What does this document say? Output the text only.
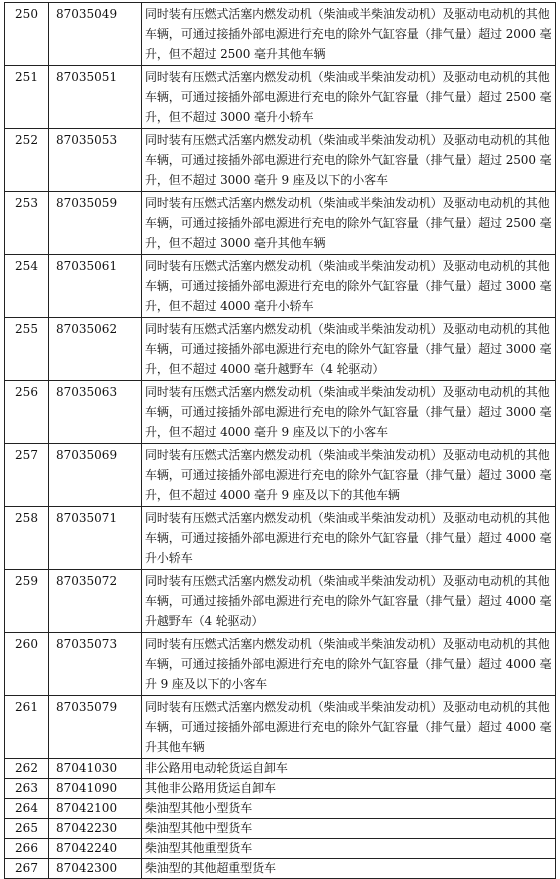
250	87035049	同时装有压燃式活塞内燃发动机（柴油或半柴油发动机）及驱动电动机的其他车辆，可通过接插外部电源进行充电的除外气缸容量（排气量）超过 2000 毫升，但不超过 2500 毫升其他车辆
251	87035051	同时装有压燃式活塞内燃发动机（柴油或半柴油发动机）及驱动电动机的其他车辆，可通过接插外部电源进行充电的除外气缸容量（排气量）超过 2500 毫升，但不超过 3000 毫升小轿车
252	87035053	同时装有压燃式活塞内燃发动机（柴油或半柴油发动机）及驱动电动机的其他车辆，可通过接插外部电源进行充电的除外气缸容量（排气量）超过 2500 毫升，但不超过 3000 毫升 9 座及以下的小客车
253	87035059	同时装有压燃式活塞内燃发动机（柴油或半柴油发动机）及驱动电动机的其他车辆，可通过接插外部电源进行充电的除外气缸容量（排气量）超过 2500 毫升，但不超过 3000 毫升其他车辆
254	87035061	同时装有压燃式活塞内燃发动机（柴油或半柴油发动机）及驱动电动机的其他车辆，可通过接插外部电源进行充电的除外气缸容量（排气量）超过 3000 毫升，但不超过 4000 毫升小轿车
255	87035062	同时装有压燃式活塞内燃发动机（柴油或半柴油发动机）及驱动电动机的其他车辆，可通过接插外部电源进行充电的除外气缸容量（排气量）超过 3000 毫升，但不超过 4000 毫升越野车（4 轮驱动）
256	87035063	同时装有压燃式活塞内燃发动机（柴油或半柴油发动机）及驱动电动机的其他车辆，可通过接插外部电源进行充电的除外气缸容量（排气量）超过 3000 毫升，但不超过 4000 毫升 9 座及以下的小客车
257	87035069	同时装有压燃式活塞内燃发动机（柴油或半柴油发动机）及驱动电动机的其他车辆，可通过接插外部电源进行充电的除外气缸容量（排气量）超过 3000 毫升，但不超过 4000 毫升 9 座及以下的其他车辆
258	87035071	同时装有压燃式活塞内燃发动机（柴油或半柴油发动机）及驱动电动机的其他车辆，可通过接插外部电源进行充电的除外气缸容量（排气量）超过 4000 毫升小轿车
259	87035072	同时装有压燃式活塞内燃发动机（柴油或半柴油发动机）及驱动电动机的其他车辆，可通过接插外部电源进行充电的除外气缸容量（排气量）超过 4000 毫升越野车（4 轮驱动）
260	87035073	同时装有压燃式活塞内燃发动机（柴油或半柴油发动机）及驱动电动机的其他车辆，可通过接插外部电源进行充电的除外气缸容量（排气量）超过 4000 毫升 9 座及以下的小客车
261	87035079	同时装有压燃式活塞内燃发动机（柴油或半柴油发动机）及驱动电动机的其他车辆，可通过接插外部电源进行充电的除外气缸容量（排气量）超过 4000 毫升其他车辆
262	87041030	非公路用电动轮货运自卸车
263	87041090	其他非公路用货运自卸车
264	87042100	柴油型其他小型货车
265	87042230	柴油型其他中型货车
266	87042240	柴油型其他重型货车
267	87042300	柴油型的其他超重型货车
